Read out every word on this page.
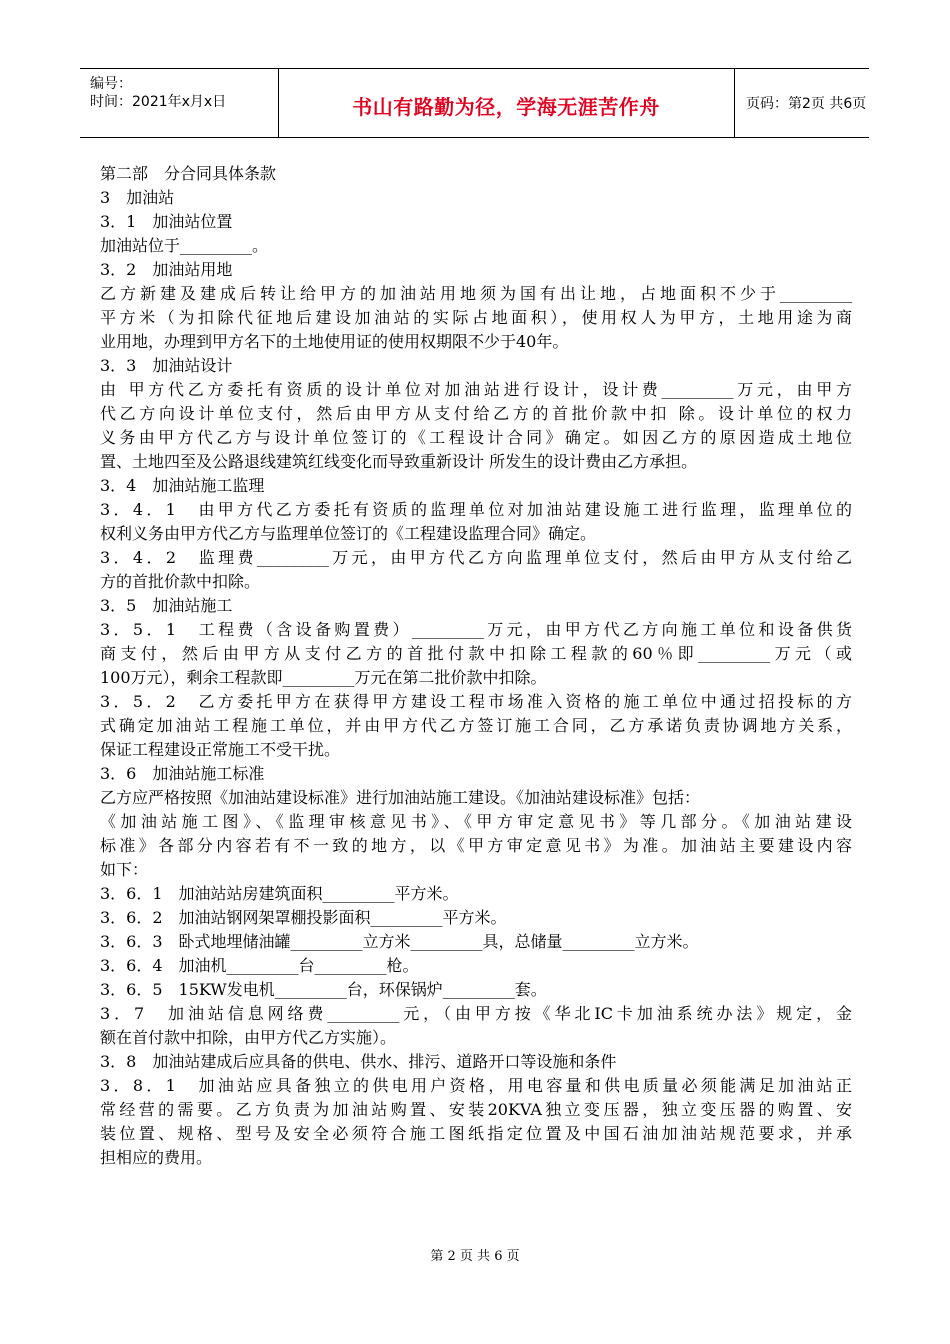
编号：
时间：2021年x月x日	书山有路勤为径，学海无涯苦作舟	页码：第2页 共6页
第二部　分合同具体条款
3　加油站
3．1　加油站位置
加油站位于_________。
3．2　加油站用地
乙方新建及建成后转让给甲方的加油站用地须为国有出让地，占地面积不少于_________
平方米（为扣除代征地后建设加油站的实际占地面积），使用权人为甲方，土地用途为商
业用地，办理到甲方名下的土地使用证的使用权期限不少于40年。
3．3　加油站设计
由 甲方代乙方委托有资质的设计单位对加油站进行设计，设计费_________万元，由甲方
代乙方向设计单位支付，然后由甲方从支付给乙方的首批价款中扣 除。设计单位的权力
义务由甲方代乙方与设计单位签订的《工程设计合同》确定。如因乙方的原因造成土地位
置、土地四至及公路退线建筑红线变化而导致重新设计 所发生的设计费由乙方承担。
3．4　加油站施工监理
3．4．1　由甲方代乙方委托有资质的监理单位对加油站建设施工进行监理，监理单位的
权利义务由甲方代乙方与监理单位签订的《工程建设监理合同》确定。
3．4．2　监理费_________万元，由甲方代乙方向监理单位支付，然后由甲方从支付给乙
方的首批价款中扣除。
3．5　加油站施工
3．5．1　工程费（含设备购置费）_________万元，由甲方代乙方向施工单位和设备供货
商支付，然后由甲方从支付乙方的首批付款中扣除工程款的60％即_________万元（或
100万元），剩余工程款即_________万元在第二批价款中扣除。
3．5．2　乙方委托甲方在获得甲方建设工程市场准入资格的施工单位中通过招投标的方
式确定加油站工程施工单位，并由甲方代乙方签订施工合同，乙方承诺负责协调地方关系，
保证工程建设正常施工不受干扰。
3．6　加油站施工标准
乙方应严格按照《加油站建设标准》进行加油站施工建设。《加油站建设标准》包括：
《加油站施工图》、《监理审核意见书》、《甲方审定意见书》等几部分。《加油站建设
标准》各部分内容若有不一致的地方，以《甲方审定意见书》为准。加油站主要建设内容
如下：
3．6．1　加油站站房建筑面积_________平方米。
3．6．2　加油站钢网架罩棚投影面积_________平方米。
3．6．3　卧式地埋储油罐_________立方米_________具，总储量_________立方米。
3．6．4　加油机_________台_________枪。
3．6．5　15KW发电机_________台，环保锅炉_________套。
3．7　加油站信息网络费_________元，（由甲方按《华北IC卡加油系统办法》规定，金
额在首付款中扣除，由甲方代乙方实施）。
3．8　加油站建成后应具备的供电、供水、排污、道路开口等设施和条件
3．8．1　加油站应具备独立的供电用户资格，用电容量和供电质量必须能满足加油站正
常经营的需要。乙方负责为加油站购置、安装20KVA独立变压器，独立变压器的购置、安
装位置、规格、型号及安全必须符合施工图纸指定位置及中国石油加油站规范要求，并承
担相应的费用。
第 2 页 共 6 页
